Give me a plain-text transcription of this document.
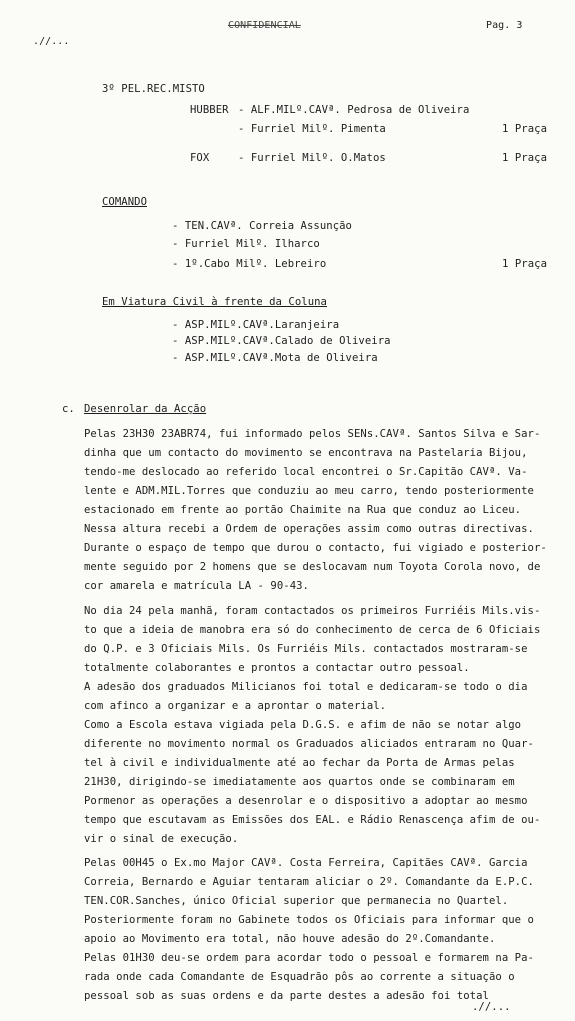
.//...
CONFIDENCIAL	Pag. 3
3º PEL.REC.MISTO
HUBBER - ALF.MILº.CAVª. Pedrosa de Oliveira
- Furriel Milº. Pimenta	1 Praça
FOX	- Furriel Milº. O.Matos	1 Praça
COMANDO
- TEN.CAVª. Correia Assunção
- Furriel Milº. Ilharco
- 1º.Cabo Milº. Lebreiro	1 Praça
Em Viatura Civil à frente da Coluna
- ASP.MILº.CAVª.Laranjeira
- ASP.MILº.CAVª.Calado de Oliveira
- ASP.MILº.CAVª.Mota de Oliveira
c. Desenrolar da Acção
Pelas 23H30 23ABR74, fui informado pelos SENs.CAVª. Santos Silva e Sar-
dinha que um contacto do movimento se encontrava na Pastelaria Bijou,
tendo-me deslocado ao referido local encontrei o Sr.Capitão CAVª. Va-
lente e ADM.MIL.Torres que conduziu ao meu carro, tendo posteriormente
estacionado em frente ao portão Chaimite na Rua que conduz ao Liceu.
Nessa altura recebi a Ordem de operações assim como outras directivas.
Durante o espaço de tempo que durou o contacto, fui vigiado e posterior-
mente seguido por 2 homens que se deslocavam num Toyota Corola novo, de
cor amarela e matrícula LA - 90-43.
No dia 24 pela manhã, foram contactados os primeiros Furriéis Mils.vis-
to que a ideia de manobra era só do conhecimento de cerca de 6 Oficiais
do Q.P. e 3 Oficiais Mils. Os Furriéis Mils. contactados mostraram-se
totalmente colaborantes e prontos a contactar outro pessoal.
A adesão dos graduados Milicianos foi total e dedicaram-se todo o dia
com afinco a organizar e a aprontar o material.
Como a Escola estava vigiada pela D.G.S. e afim de não se notar algo
diferente no movimento normal os Graduados aliciados entraram no Quar-
tel à civil e individualmente até ao fechar da Porta de Armas pelas
21H30, dirigindo-se imediatamente aos quartos onde se combinaram em
Pormenor as operações a desenrolar e o dispositivo a adoptar ao mesmo
tempo que escutavam as Emissões dos EAL. e Rádio Renascença afim de ou-
vir o sinal de execução.
Pelas 00H45 o Ex.mo Major CAVª. Costa Ferreira, Capitães CAVª. Garcia
Correia, Bernardo e Aguiar tentaram aliciar o 2º. Comandante da E.P.C.
TEN.COR.Sanches, único Oficial superior que permanecia no Quartel.
Posteriormente foram no Gabinete todos os Oficiais para informar que o
apoio ao Movimento era total, não houve adesão do 2º.Comandante.
Pelas 01H30 deu-se ordem para acordar todo o pessoal e formarem na Pa-
rada onde cada Comandante de Esquadrão pôs ao corrente a situação o
pessoal sob as suas ordens e da parte destes a adesão foi total
.//...
